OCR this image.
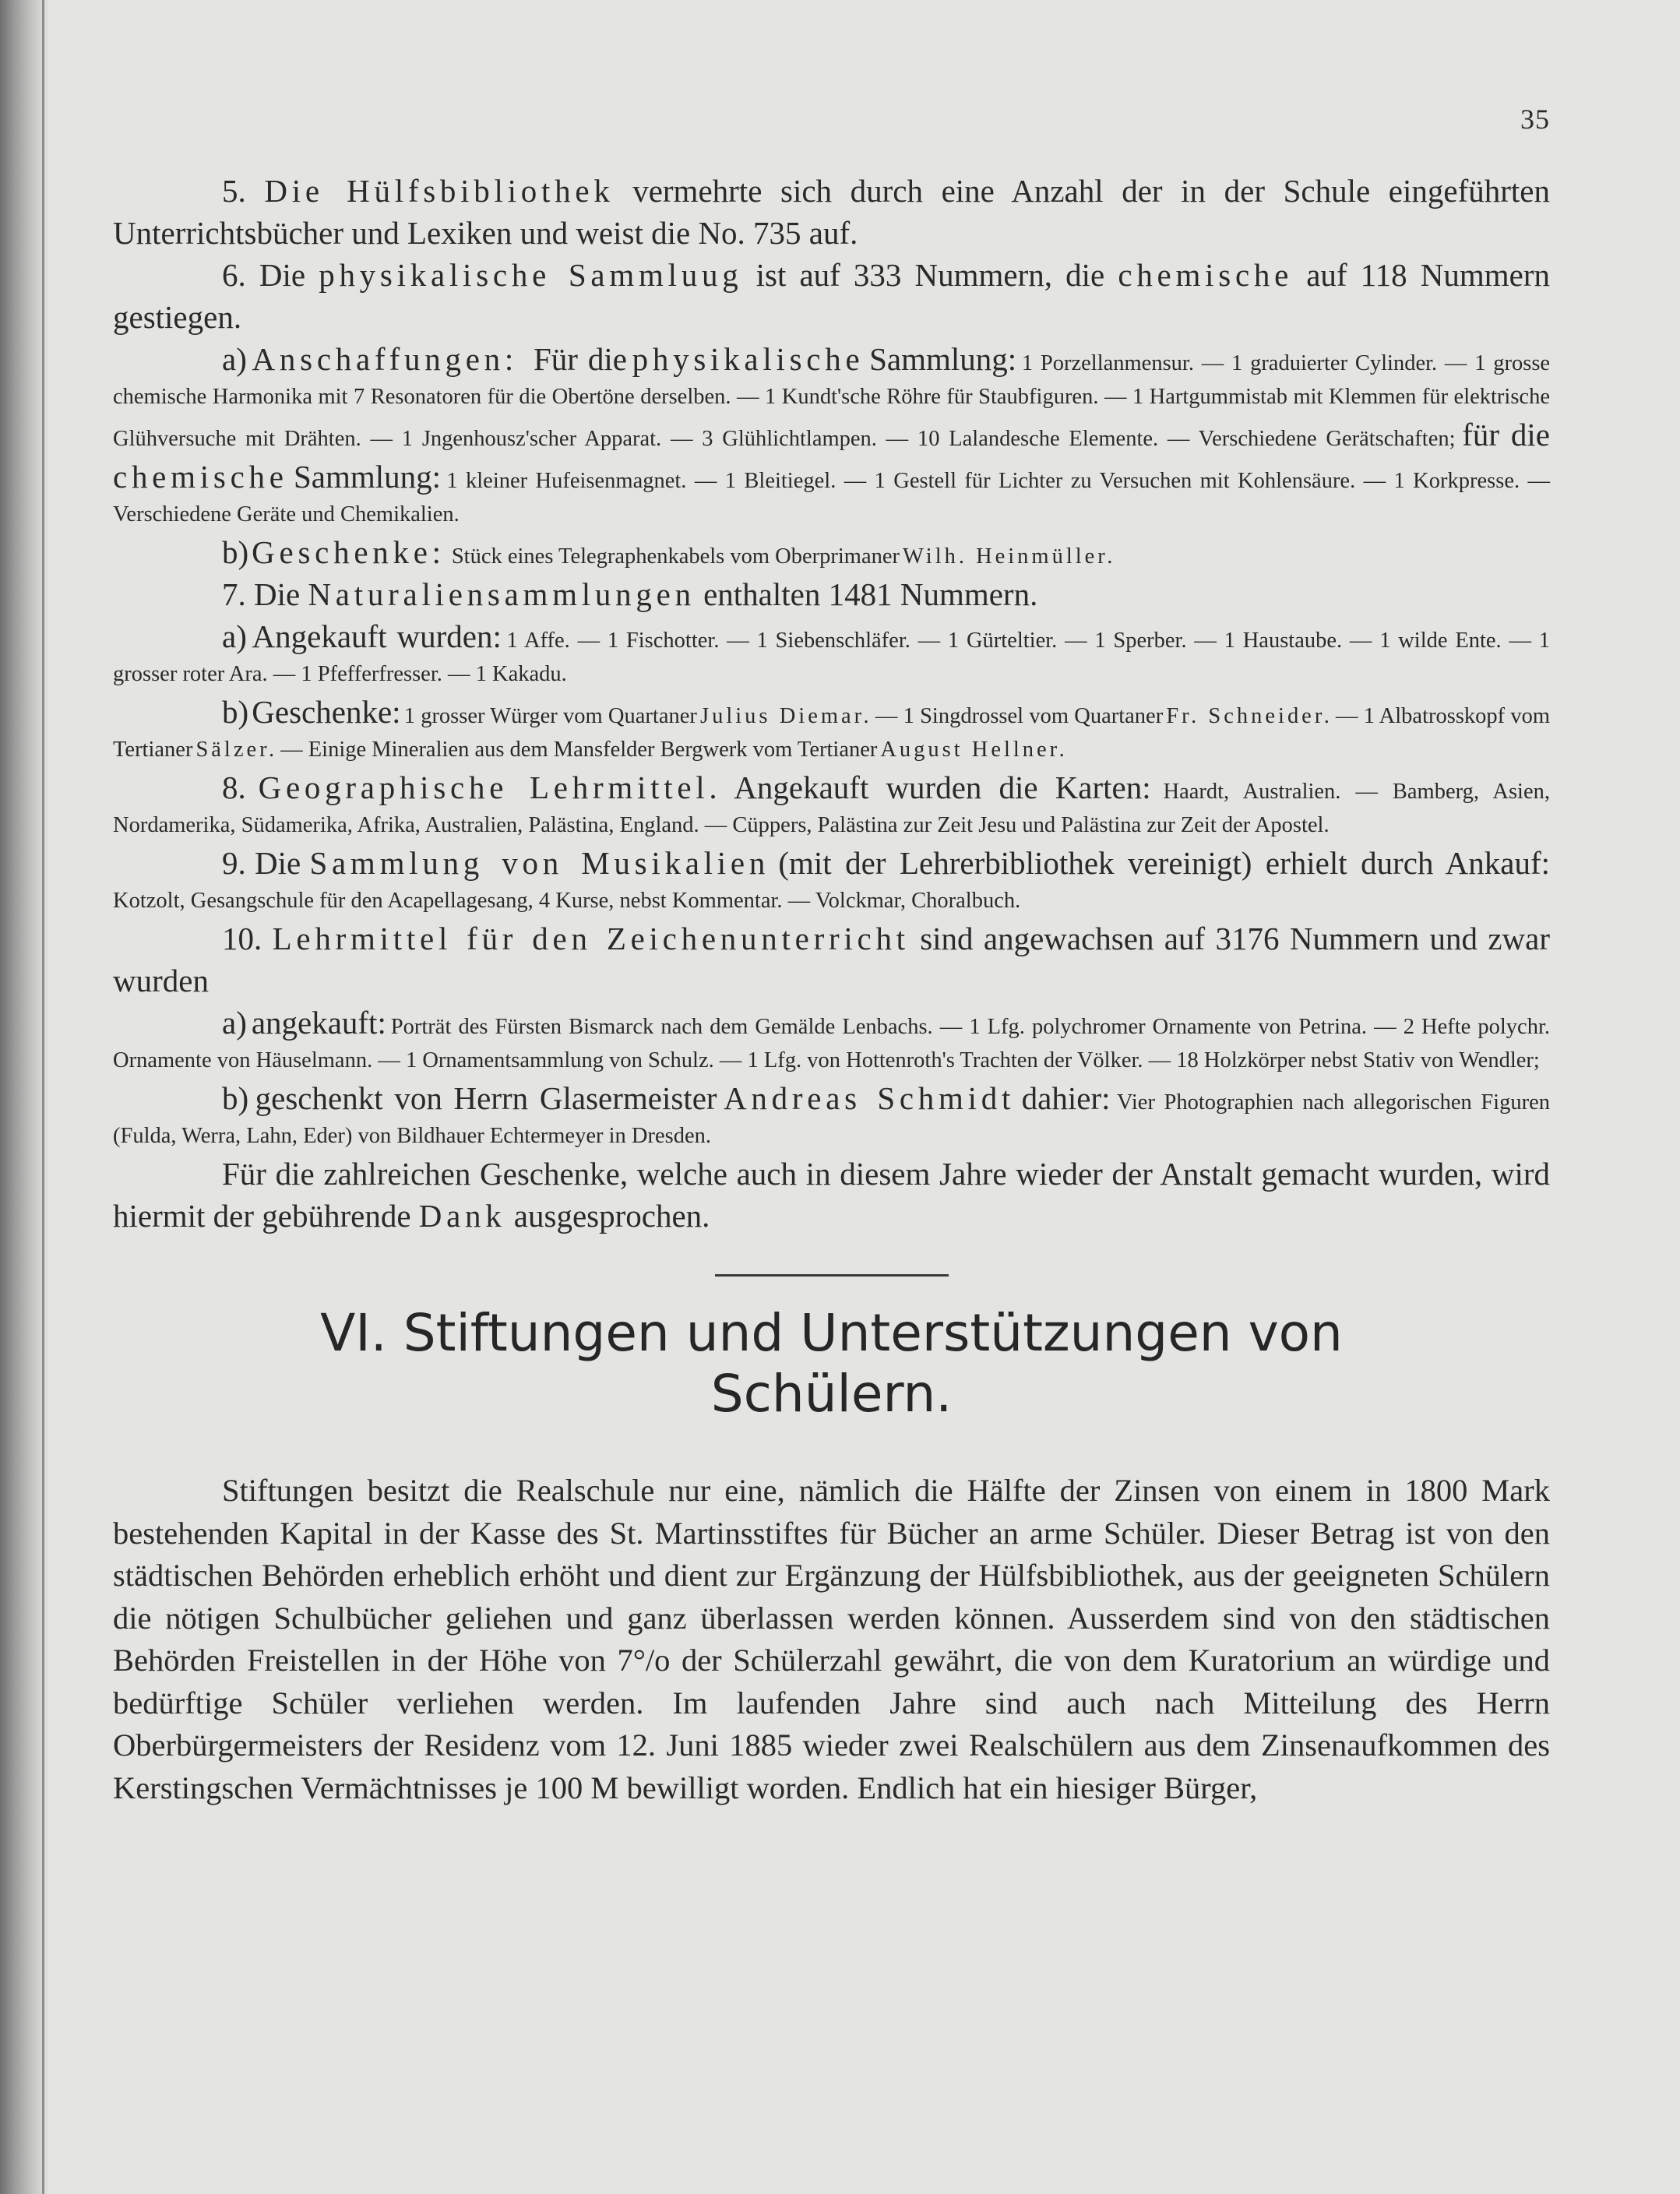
35

5. Die Hülfsbibliothek vermehrte sich durch eine Anzahl der in der Schule eingeführten Unterrichtsbücher und Lexiken und weist die No. 735 auf.

6. Die physikalische Sammluug ist auf 333 Nummern, die chemische auf 118 Nummern gestiegen.

a) Anschaffungen: Für die physikalische Sammlung: 1 Porzellanmensur. — 1 graduierter Cylinder. — 1 grosse chemische Harmonika mit 7 Resonatoren für die Obertöne derselben. — 1 Kundt'sche Röhre für Staubfiguren. — 1 Hartgummistab mit Klemmen für elektrische Glühversuche mit Drähten. — 1 Jngenhousz'scher Apparat. — 3 Glühlichtlampen. — 10 Lalandesche Elemente. — Verschiedene Gerätschaften; für die chemische Sammlung: 1 kleiner Hufeisenmagnet. — 1 Bleitiegel. — 1 Gestell für Lichter zu Versuchen mit Kohlensäure. — 1 Korkpresse. — Verschiedene Geräte und Chemikalien.

b) Geschenke: Stück eines Telegraphenkabels vom Oberprimaner Wilh. Heinmüller.

7. Die Naturaliensammlungen enthalten 1481 Nummern.

a) Angekauft wurden: 1 Affe. — 1 Fischotter. — 1 Siebenschläfer. — 1 Gürteltier. — 1 Sperber. — 1 Haustaube. — 1 wilde Ente. — 1 grosser roter Ara. — 1 Pfefferfresser. — 1 Kakadu.

b) Geschenke: 1 grosser Würger vom Quartaner Julius Diemar. — 1 Singdrossel vom Quartaner Fr. Schneider. — 1 Albatrosskopf vom Tertianer Sälzer. — Einige Mineralien aus dem Mansfelder Bergwerk vom Tertianer August Hellner.

8. Geographische Lehrmittel. Angekauft wurden die Karten: Haardt, Australien. — Bamberg, Asien, Nordamerika, Südamerika, Afrika, Australien, Palästina, England. — Cüppers, Palästina zur Zeit Jesu und Palästina zur Zeit der Apostel.

9. Die Sammlung von Musikalien (mit der Lehrerbibliothek vereinigt) erhielt durch Ankauf: Kotzolt, Gesangschule für den Acapellagesang, 4 Kurse, nebst Kommentar. — Volckmar, Choralbuch.

10. Lehrmittel für den Zeichenunterricht sind angewachsen auf 3176 Nummern und zwar wurden

a) angekauft: Porträt des Fürsten Bismarck nach dem Gemälde Lenbachs. — 1 Lfg. polychromer Ornamente von Petrina. — 2 Hefte polychr. Ornamente von Häuselmann. — 1 Ornamentsammlung von Schulz. — 1 Lfg. von Hottenroth's Trachten der Völker. — 18 Holzkörper nebst Stativ von Wendler;

b) geschenkt von Herrn Glasermeister Andreas Schmidt dahier: Vier Photographien nach allegorischen Figuren (Fulda, Werra, Lahn, Eder) von Bildhauer Echtermeyer in Dresden.

Für die zahlreichen Geschenke, welche auch in diesem Jahre wieder der Anstalt gemacht wurden, wird hiermit der gebührende Dank ausgesprochen.

VI. Stiftungen und Unterstützungen von
Schülern.

Stiftungen besitzt die Realschule nur eine, nämlich die Hälfte der Zinsen von einem in 1800 Mark bestehenden Kapital in der Kasse des St. Martinsstiftes für Bücher an arme Schüler. Dieser Betrag ist von den städtischen Behörden erheblich erhöht und dient zur Ergänzung der Hülfsbibliothek, aus der geeigneten Schülern die nötigen Schulbücher geliehen und ganz überlassen werden können. Ausserdem sind von den städtischen Behörden Freistellen in der Höhe von 7°/o der Schülerzahl gewährt, die von dem Kuratorium an würdige und bedürftige Schüler verliehen werden. Im laufenden Jahre sind auch nach Mitteilung des Herrn Oberbürgermeisters der Residenz vom 12. Juni 1885 wieder zwei Realschülern aus dem Zinsenaufkommen des Kerstingschen Vermächtnisses je 100 M bewilligt worden. Endlich hat ein hiesiger Bürger,
